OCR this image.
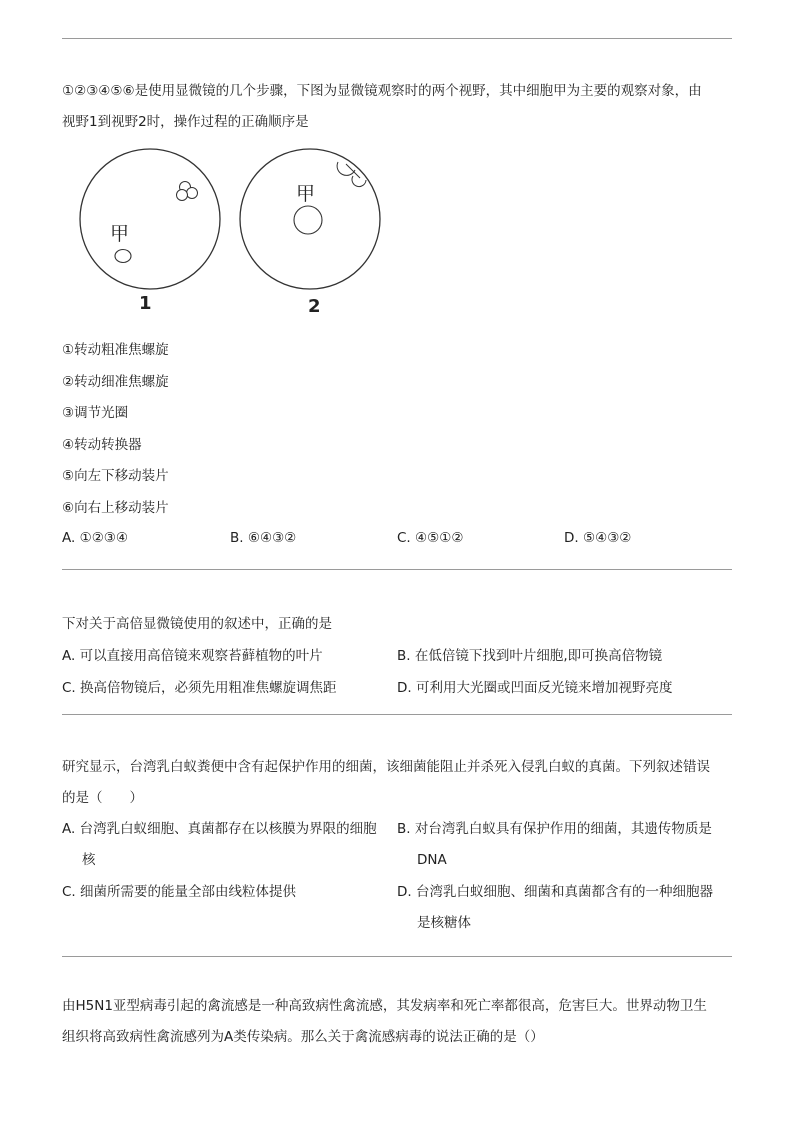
①②③④⑤⑥是使用显微镜的几个步骤，下图为显微镜观察时的两个视野，其中细胞甲为主要的观察对象，由

视野1到视野2时，操作过程的正确顺序是

甲
1
甲
2
①转动粗准焦螺旋
②转动细准焦螺旋
③调节光圈
④转动转换器
⑤向左下移动装片
⑥向右上移动装片
A. ①②③④	B. ⑥④③②	C. ④⑤①②	D. ⑤④③②
下对关于高倍显微镜使用的叙述中，正确的是
A. 可以直接用高倍镜来观察苔藓植物的叶片	B. 在低倍镜下找到叶片细胞,即可换高倍物镜
C. 换高倍物镜后，必须先用粗准焦螺旋调焦距	D. 可利用大光圈或凹面反光镜来增加视野亮度

研究显示，台湾乳白蚁粪便中含有起保护作用的细菌，该细菌能阻止并杀死入侵乳白蚁的真菌。下列叙述错误

的是（　　）

A. 台湾乳白蚁细胞、真菌都存在以核膜为界限的细胞
核
B. 对台湾乳白蚁具有保护作用的细菌，其遗传物质是
DNA
C. 细菌所需要的能量全部由线粒体提供	D. 台湾乳白蚁细胞、细菌和真菌都含有的一种细胞器
是核糖体

由H5N1亚型病毒引起的禽流感是一种高致病性禽流感，其发病率和死亡率都很高，危害巨大。世界动物卫生

组织将高致病性禽流感列为A类传染病。那么关于禽流感病毒的说法正确的是（）
